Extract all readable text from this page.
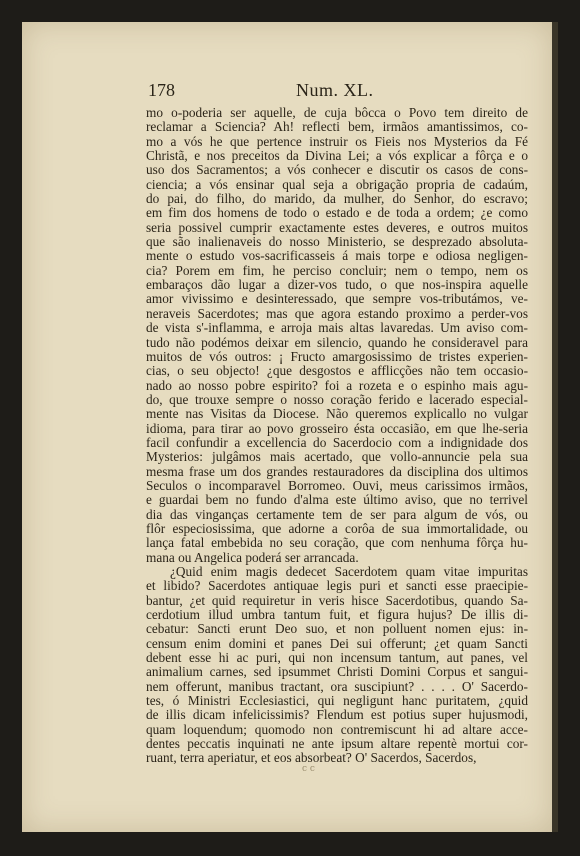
178	Num. XL.
mo o-poderia ser aquelle, de cuja bôcca o Povo tem direito de
reclamar a Sciencia? Ah! reflecti bem, irmãos amantissimos, co-
mo a vós he que pertence instruir os Fieis nos Mysterios da Fé
Christã, e nos preceitos da Divina Lei; a vós explicar a fôrça e o
uso dos Sacramentos; a vós conhecer e discutir os casos de cons-
ciencia; a vós ensinar qual seja a obrigação propria de cadaúm,
do pai, do filho, do marido, da mulher, do Senhor, do escravo;
em fim dos homens de todo o estado e de toda a ordem; ¿e como
seria possivel cumprir exactamente estes deveres, e outros muitos
que são inalienaveis do nosso Ministerio, se desprezado absoluta-
mente o estudo vos-sacrificasseis á mais torpe e odiosa negligen-
cia? Porem em fim, he perciso concluir; nem o tempo, nem os
embaraços dão lugar a dizer-vos tudo, o que nos-inspira aquelle
amor vivissimo e desinteressado, que sempre vos-tributámos, ve-
neraveis Sacerdotes; mas que agora estando proximo a perder-vos
de vista s'-inflamma, e arroja mais altas lavaredas. Um aviso com-
tudo não podémos deixar em silencio, quando he consideravel para
muitos de vós outros: ¡ Fructo amargosissimo de tristes experien-
cias, o seu objecto! ¿que desgostos e afflicções não tem occasio-
nado ao nosso pobre espirito? foi a rozeta e o espinho mais agu-
do, que trouxe sempre o nosso coração ferido e lacerado especial-
mente nas Visitas da Diocese. Não queremos explicallo no vulgar
idioma, para tirar ao povo grosseiro ésta occasião, em que lhe-seria
facil confundir a excellencia do Sacerdocio com a indignidade dos
Mysterios: julgâmos mais acertado, que vollo-annuncie pela sua
mesma frase um dos grandes restauradores da disciplina dos ultimos
Seculos o incomparavel Borromeo. Ouvi, meus carissimos irmãos,
e guardai bem no fundo d'alma este último aviso, que no terrivel
dia das vinganças certamente tem de ser para algum de vós, ou
flôr especiosissima, que adorne a corôa de sua immortalidade, ou
lança fatal embebida no seu coração, que com nenhuma fôrça hu-
mana ou Angelica poderá ser arrancada.
¿Quid enim magis dedecet Sacerdotem quam vitae impuritas
et libido? Sacerdotes antiquae legis puri et sancti esse praecipie-
bantur, ¿et quid requiretur in veris hisce Sacerdotibus, quando Sa-
cerdotium illud umbra tantum fuit, et figura hujus? De illis di-
cebatur: Sancti erunt Deo suo, et non polluent nomen ejus: in-
censum enim domini et panes Dei sui offerunt; ¿et quam Sancti
debent esse hi ac puri, qui non incensum tantum, aut panes, vel
animalium carnes, sed ipsummet Christi Domini Corpus et sangui-
nem offerunt, manibus tractant, ora suscipiunt? . . . . O' Sacerdo-
tes, ó Ministri Ecclesiastici, qui negligunt hanc puritatem, ¿quid
de illis dicam infelicissimis? Flendum est potius super hujusmodi,
quam loquendum; quomodo non contremiscunt hi ad altare acce-
dentes peccatis inquinati ne ante ipsum altare repentè mortui cor-
ruant, terra aperiatur, et eos absorbeat? O' Sacerdos, Sacerdos,
c c
